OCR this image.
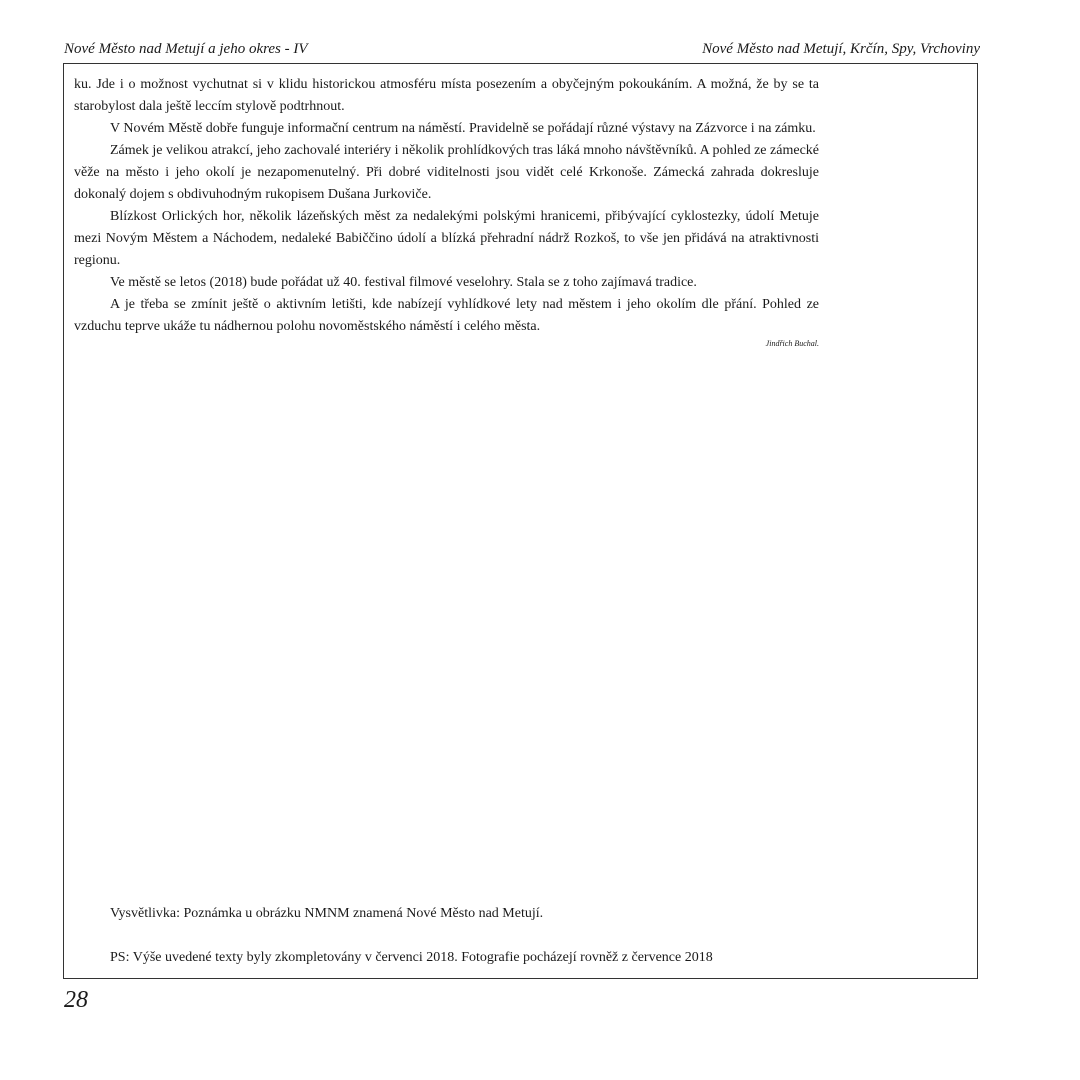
Nové Město nad Metují a jeho okres - IV	Nové Město nad Metují, Krčín, Spy, Vrchoviny

ku. Jde i o možnost vychutnat si v klidu historickou atmosféru místa posezením a obyčejným pokoukáním. A možná, že by se ta starobylost dala ještě leccím stylově podtrhnout.

V Novém Městě dobře funguje informační centrum na náměstí. Pravidelně se pořádají různé výstavy na Zázvorce i na zámku.

Zámek je velikou atrakcí, jeho zachovalé interiéry i několik prohlídkových tras láká mnoho návštěvníků. A pohled ze zámecké věže na město i jeho okolí je nezapomenutelný. Při dobré viditelnosti jsou vidět celé Krkonoše. Zámecká zahrada dokresluje dokonalý dojem s obdivuhodným rukopisem Dušana Jurkoviče.

Blízkost Orlických hor, několik lázeňských měst za nedalekými polskými hranicemi, přibývající cyklostezky, údolí Metuje mezi Novým Městem a Náchodem, nedaleké Babiččino údolí a blízká přehradní nádrž Rozkoš, to vše jen přidává na atraktivnosti regionu.

Ve městě se letos (2018) bude pořádat už 40. festival filmové veselohry. Stala se z toho zajímavá tradice.

A je třeba se zmínit ještě o aktivním letišti, kde nabízejí vyhlídkové lety nad městem i jeho okolím dle přání. Pohled ze vzduchu teprve ukáže tu nádhernou polohu novoměstského náměstí i celého města.

Jindřich Buchal.

Vysvětlivka: Poznámka u obrázku NMNM znamená Nové Město nad Metují.
PS: Výše uvedené texty byly zkompletovány v červenci 2018. Fotografie pocházejí rovněž z července 2018
28
